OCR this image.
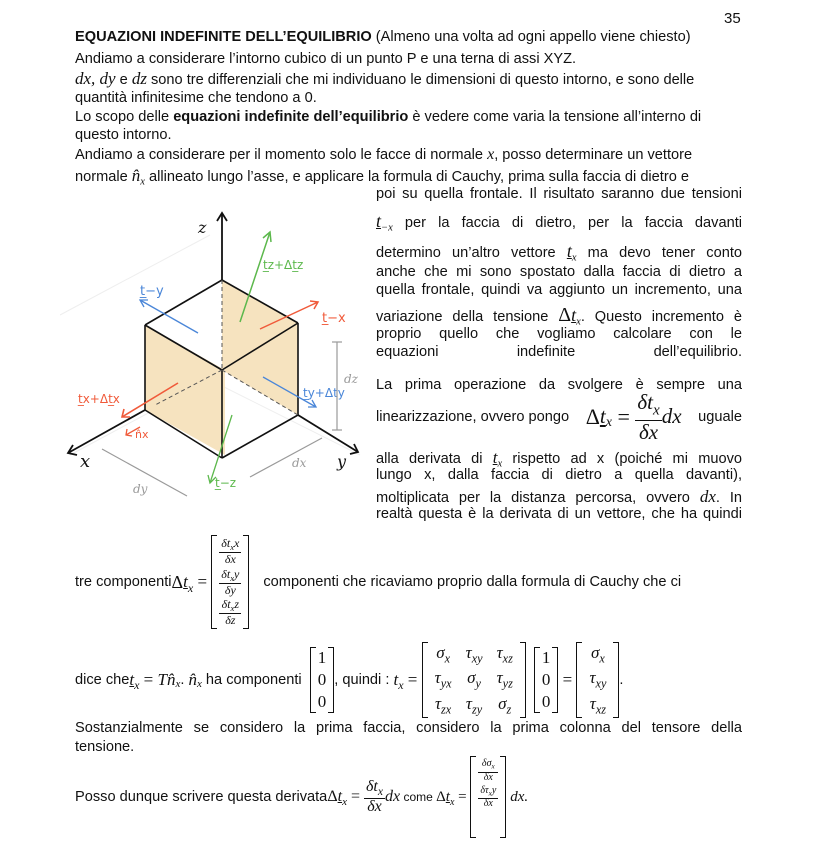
35
EQUAZIONI INDEFINITE DELL’EQUILIBRIO (Almeno una volta ad ogni appello viene chiesto)
Andiamo a considerare l’intorno cubico di un punto P e una terna di assi XYZ.
dx, dy e dz sono tre differenziali che mi individuano le dimensioni di questo intorno, e sono delle
quantità infinitesime che tendono a 0.
Lo scopo delle equazioni indefinite dell’equilibrio è vedere come varia la tensione all’interno di
questo intorno.
Andiamo a considerare per il momento solo le facce di normale x, posso determinare un vettore
normale $n̂_x$ allineato lungo l’asse, e applicare la formula di Cauchy, prima sulla faccia di dietro e
poi su quella frontale. Il risultato saranno due tensioni
$t_{-x}$ per la faccia di dietro, per la faccia davanti
determino un’altro vettore $t_x$ ma devo tener conto
anche che mi sono spostato dalla faccia di dietro a
quella frontale, quindi va aggiunto un incremento, una
variazione della tensione $\Delta t_x$. Questo incremento è
proprio quello che vogliamo calcolare con le
equazioni indefinite dell’equilibrio.
La prima operazione da svolgere è sempre una
linearizzazione, ovvero pongo Δ t $x = \frac{\delta t_x}{\delta x}$ dx uguale
alla derivata di $t_x$ rispetto ad x (poiché mi muovo
lungo x, dalla faccia di dietro a quella davanti),
moltiplicata per la distanza percorsa, ovvero dx. In
realtà questa è la derivata di un vettore, che ha quindi
z
x	y
t̲z+Δt̲z
t̲−y
t̲−x
t̲x+Δt̲x
n̂x
t̲y+Δty
t̲−z
dz
dx
dy
tre componenti Δ t x =
$\frac{\delta t_xx}{\delta x}$
$\frac{\delta t_xy}{\delta y}$
$\frac{\delta t_xz}{\delta z}$
componenti che ricaviamo proprio dalla formula di Cauchy che ci
dice che t x = T n̂ x . n̂ x ha componenti
1
0
0
, quindi : t x =
$\sigma_x$	$\tau_{xy}$	$\tau_{xz}$
$\tau_{yx}$	$\sigma_y$	$\tau_{yz}$
$\tau_{zx}$	$\tau_{zy}$	$\sigma_z$
1
0
0
=
$\sigma_x$
$\tau_{xy}$
$\tau_{xz}$
.
Sostanzialmente se considero la prima faccia, considero la prima colonna del tensore della
tensione.
Posso dunque scrivere questa derivata Δ t $x = \frac{\delta t_x}{\delta x}$ dx come Δ t x =
$\frac{\delta\sigma_x}{\delta x}$
$\frac{\delta\tau_xy}{\delta x}$ dx.
